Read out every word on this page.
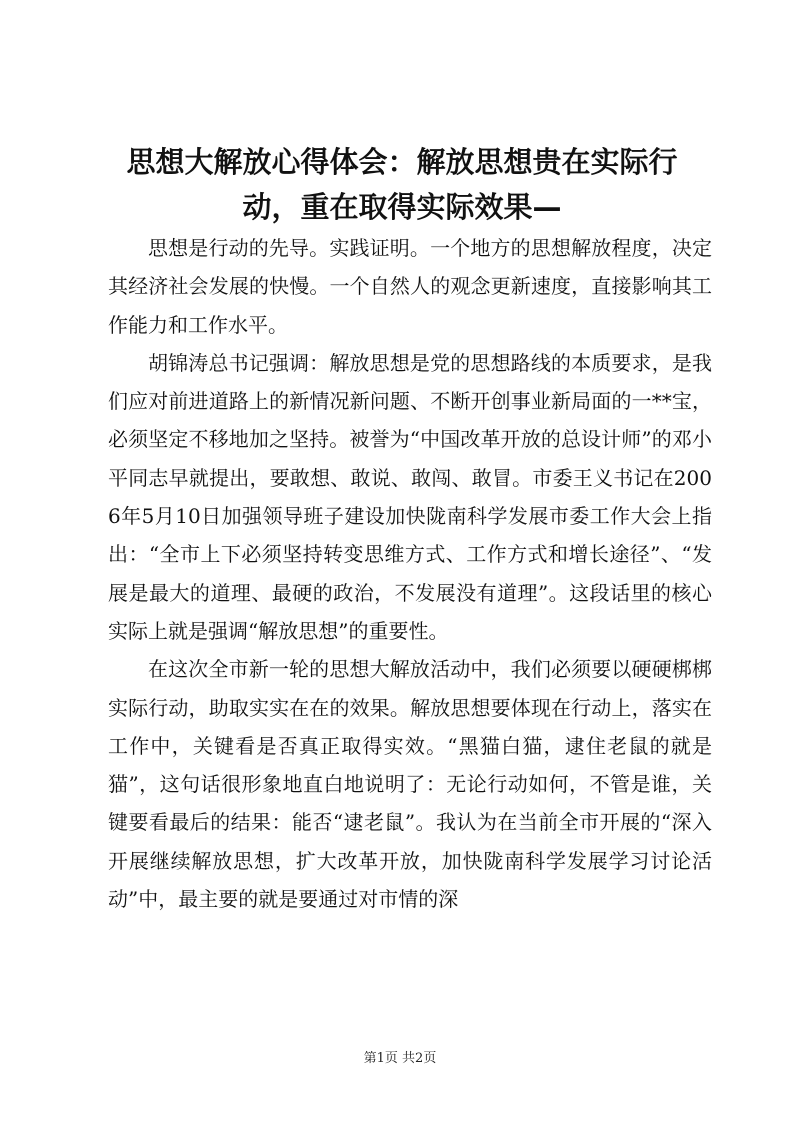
思想大解放心得体会：解放思想贵在实际行
动，重在取得实际效果—

思想是行动的先导。实践证明。一个地方的思想解放程度，决定其经济社会发展的快慢。一个自然人的观念更新速度，直接影响其工作能力和工作水平。

胡锦涛总书记强调：解放思想是党的思想路线的本质要求，是我们应对前进道路上的新情况新问题、不断开创事业新局面的一**宝，必须坚定不移地加之坚持。被誉为“中国改革开放的总设计师”的邓小平同志早就提出，要敢想、敢说、敢闯、敢冒。市委王义书记在2006年5月10日加强领导班子建设加快陇南科学发展市委工作大会上指出：“全市上下必须坚持转变思维方式、工作方式和增长途径”、“发展是最大的道理、最硬的政治，不发展没有道理”。这段话里的核心实际上就是强调“解放思想”的重要性。

在这次全市新一轮的思想大解放活动中，我们必须要以硬硬梆梆实际行动，助取实实在在的效果。解放思想要体现在行动上，落实在工作中，关键看是否真正取得实效。“黑猫白猫，逮住老鼠的就是猫”，这句话很形象地直白地说明了：无论行动如何，不管是谁，关键要看最后的结果：能否“逮老鼠”。我认为在当前全市开展的“深入开展继续解放思想，扩大改革开放，加快陇南科学发展学习讨论活动”中，最主要的就是要通过对市情的深

第1页 共2页
